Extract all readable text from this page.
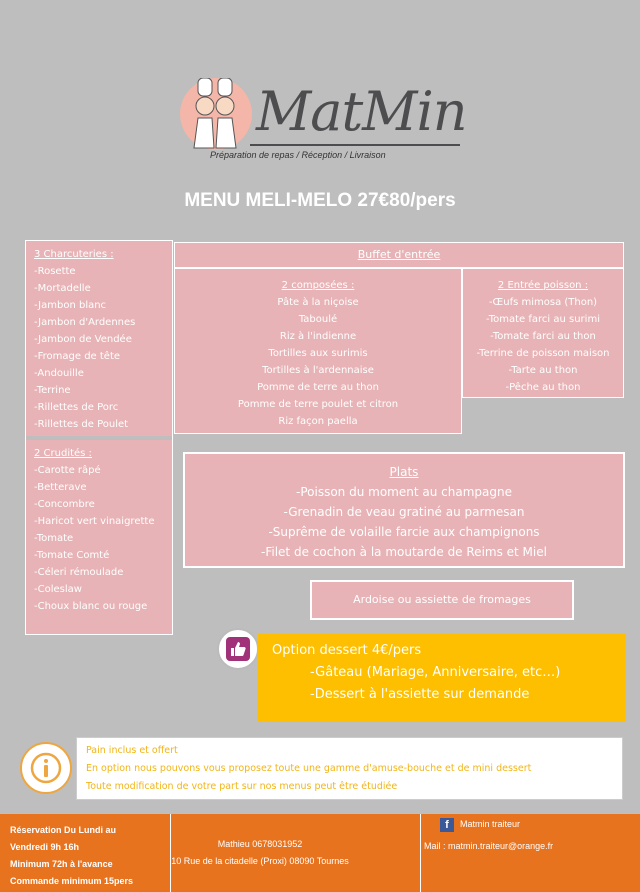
MatMin
Préparation de repas / Réception / Livraison
MENU MELI-MELO 27€80/pers
3 Charcuteries :
-Rosette
-Mortadelle
-Jambon blanc
-Jambon d'Ardennes
-Jambon de Vendée
-Fromage de tête
-Andouille
-Terrine
-Rillettes de Porc
-Rillettes de Poulet
2 Crudités :
-Carotte râpé
-Betterave
-Concombre
-Haricot vert vinaigrette
-Tomate
-Tomate Comté
-Céleri rémoulade
-Coleslaw
-Choux blanc ou rouge
Buffet d'entrée
2 composées :
Pâte à la niçoise
Taboulé
Riz à l'indienne
Tortilles aux surimis
Tortilles à l'ardennaise
Pomme de terre au thon
Pomme de terre poulet et citron
Riz façon paella
2 Entrée poisson :
-Œufs mimosa (Thon)
-Tomate farci au surimi
-Tomate farci au thon
-Terrine de poisson maison
-Tarte au thon
-Pêche au thon
Plats
-Poisson du moment au champagne
-Grenadin de veau gratiné au parmesan
-Suprême de volaille farcie aux champignons
-Filet de cochon à la moutarde de Reims et Miel
Ardoise ou assiette de fromages
Option dessert 4€/pers
-Gâteau (Mariage, Anniversaire, etc…)
-Dessert à l'assiette sur demande
Pain inclus et offert
En option nous pouvons vous proposez toute une gamme d'amuse-bouche et de mini dessert
Toute modification de votre part sur nos menus peut être étudiée
Réservation Du Lundi au
Vendredi 9h 16h
Minimum 72h à l'avance
Commande minimum 15pers
Mathieu 0678031952
10 Rue de la citadelle (Proxi) 08090 Tournes
f	Matmin traiteur
Mail : matmin.traiteur@orange.fr
